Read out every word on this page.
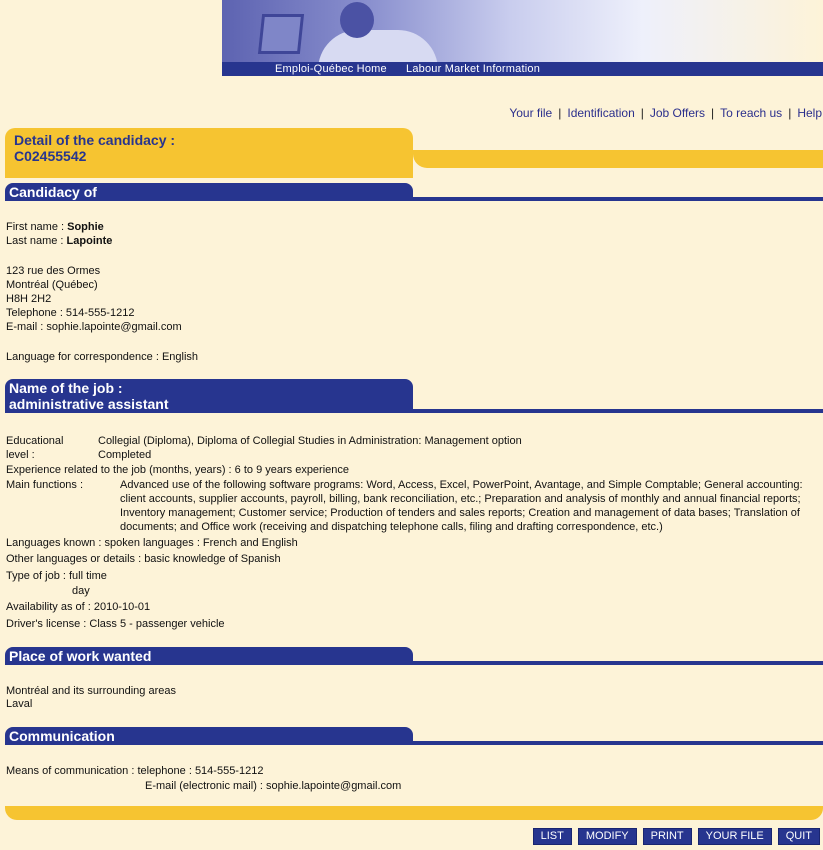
Emploi-Québec Home Labour Market Information
Your file | Identification | Job Offers | To reach us | Help
Detail of the candidacy :
C02455542
Candidacy of
First name : Sophie
Last name : Lapointe
123 rue des Ormes
Montréal (Québec)
H8H 2H2
Telephone : 514-555-1212
E-mail : sophie.lapointe@gmail.com
Language for correspondence : English
Name of the job :
administrative assistant
Educational
level :
Collegial (Diploma), Diploma of Collegial Studies in Administration: Management option
Completed
Experience related to the job (months, years) : 6 to 9 years experience
Main functions :	Advanced use of the following software programs: Word, Access, Excel, PowerPoint, Avantage, and Simple Comptable; General accounting: client accounts, supplier accounts, payroll, billing, bank reconciliation, etc.; Preparation and analysis of monthly and annual financial reports; Inventory management; Customer service; Production of tenders and sales reports; Creation and management of data bases; Translation of documents; and Office work (receiving and dispatching telephone calls, filing and drafting correspondence, etc.)
Languages known : spoken languages : French and English
Other languages or details : basic knowledge of Spanish
Type of job : full time
day
Availability as of : 2010-10-01
Driver's license : Class 5 - passenger vehicle
Place of work wanted
Montréal and its surrounding areas
Laval
Communication
Means of communication : telephone : 514-555-1212
E-mail (electronic mail) : sophie.lapointe@gmail.com
LIST MODIFY PRINT YOUR FILE QUIT
